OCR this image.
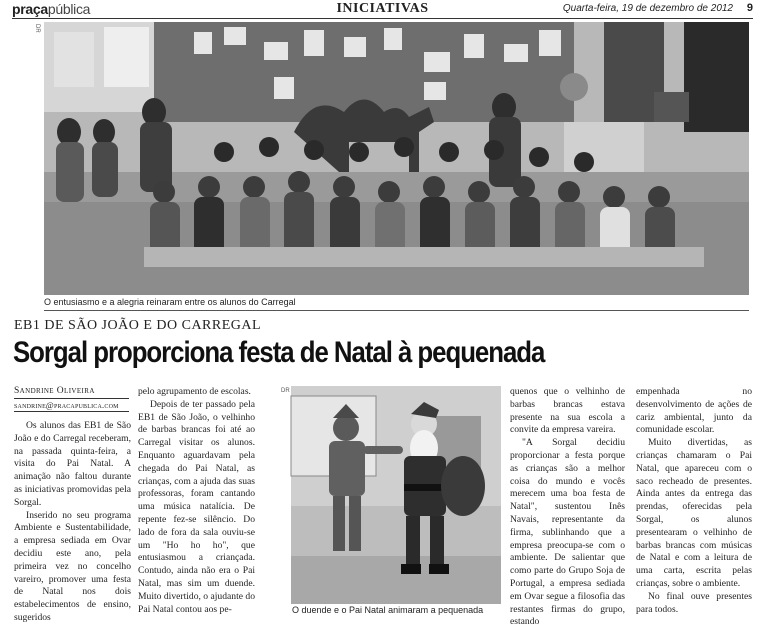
praçapública	INICIATIVAS	Quarta-feira, 19 de dezembro de 2012 9
DR
O entusiasmo e a alegria reinaram entre os alunos do Carregal
EB1 DE SÃO JOÃO E DO CARREGAL
Sorgal proporciona festa de Natal à pequenada
Sandrine Oliveira
sandrine@pracapublica.com

Os alunos das EB1 de São João e do Carregal receberam, na passada quinta-feira, a visita do Pai Natal. A animação não faltou durante as iniciativas promovidas pela Sorgal.

Inserido no seu programa Ambiente e Sustentabilidade, a empresa sediada em Ovar decidiu este ano, pela primeira vez no concelho vareiro, promover uma festa de Natal nos dois estabelecimentos de ensino, sugeridos

pelo agrupamento de escolas.

Depois de ter passado pela EB1 de São João, o velhinho de barbas brancas foi até ao Carregal visitar os alunos. Enquanto aguardavam pela chegada do Pai Natal, as crianças, com a ajuda das suas professoras, foram cantando uma música natalícia. De repente fez-se silêncio. Do lado de fora da sala ouviu-se um "Ho ho ho", que entusiasmou a criançada. Contudo, ainda não era o Pai Natal, mas sim um duende. Muito divertido, o ajudante do Pai Natal contou aos pe-

DR
O duende e o Pai Natal animaram a pequenada

quenos que o velhinho de barbas brancas estava presente na sua escola a convite da empresa vareira.

"A Sorgal decidiu proporcionar a festa porque as crianças são a melhor coisa do mundo e vocês merecem uma boa festa de Natal", sustentou Inês Navais, representante da firma, sublinhando que a empresa preocupa-se com o ambiente. De salientar que como parte do Grupo Soja de Portugal, a empresa sediada em Ovar segue a filosofia das restantes firmas do grupo, estando

empenhada no desenvolvimento de ações de cariz ambiental, junto da comunidade escolar.

Muito divertidas, as crianças chamaram o Pai Natal, que apareceu com o saco recheado de presentes. Ainda antes da entrega das prendas, oferecidas pela Sorgal, os alunos presentearam o velhinho de barbas brancas com músicas de Natal e com a leitura de uma carta, escrita pelas crianças, sobre o ambiente.

No final ouve presentes para todos.
